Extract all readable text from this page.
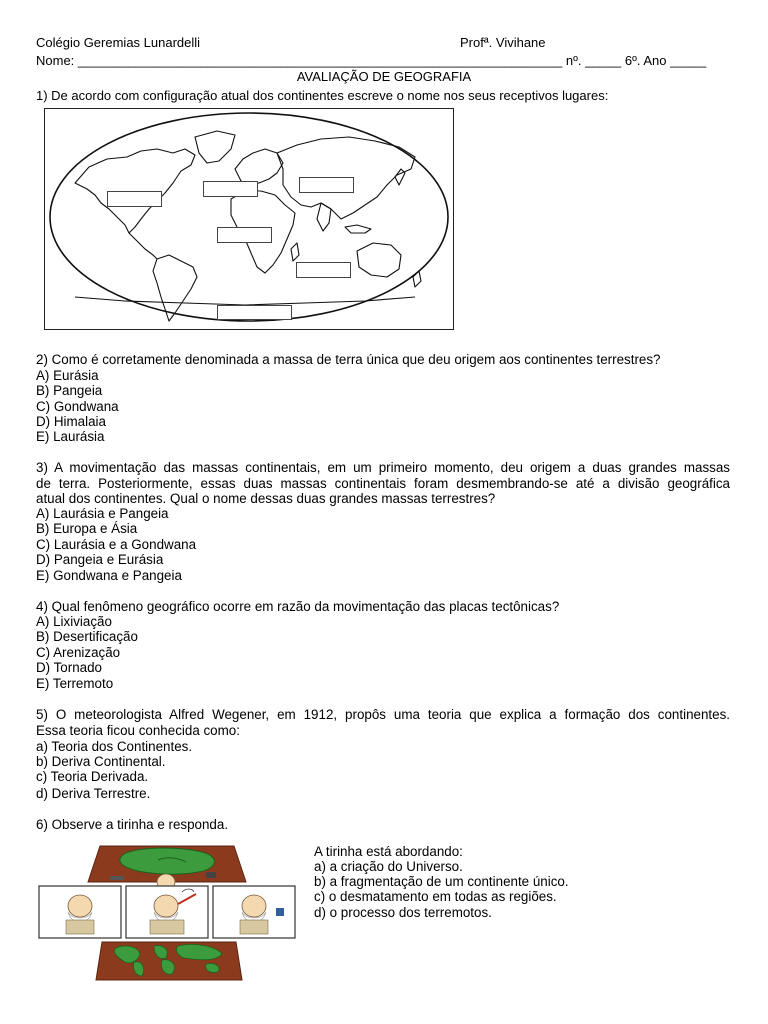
Colégio Geremias Lunardelli	Profª. Vivihane
Nome: ___________________________________________________________________ nº. _____ 6º. Ano _____
AVALIAÇÃO DE GEOGRAFIA
1) De acordo com configuração atual dos continentes escreve o nome nos seus receptivos lugares:
2) Como é corretamente denominada a massa de terra única que deu origem aos continentes terrestres?
A) Eurásia
B) Pangeia
C) Gondwana
D) Himalaia
E) Laurásia
3) A movimentação das massas continentais, em um primeiro momento, deu origem a duas grandes massas
de terra. Posteriormente, essas duas massas continentais foram desmembrando-se até a divisão geográfica
atual dos continentes. Qual o nome dessas duas grandes massas terrestres?
A) Laurásia e Pangeia
B) Europa e Ásia
C) Laurásia e a Gondwana
D) Pangeia e Eurásia
E) Gondwana e Pangeia
4) Qual fenômeno geográfico ocorre em razão da movimentação das placas tectônicas?
A) Lixiviação
B) Desertificação
C) Arenização
D) Tornado
E) Terremoto
5) O meteorologista Alfred Wegener, em 1912, propôs uma teoria que explica a formação dos continentes.
Essa teoria ficou conhecida como:
a) Teoria dos Continentes.
b) Deriva Continental.
c) Teoria Derivada.
d) Deriva Terrestre.
6) Observe a tirinha e responda.
A tirinha está abordando:
a) a criação do Universo.
b) a fragmentação de um continente único.
c) o desmatamento em todas as regiões.
d) o processo dos terremotos.
